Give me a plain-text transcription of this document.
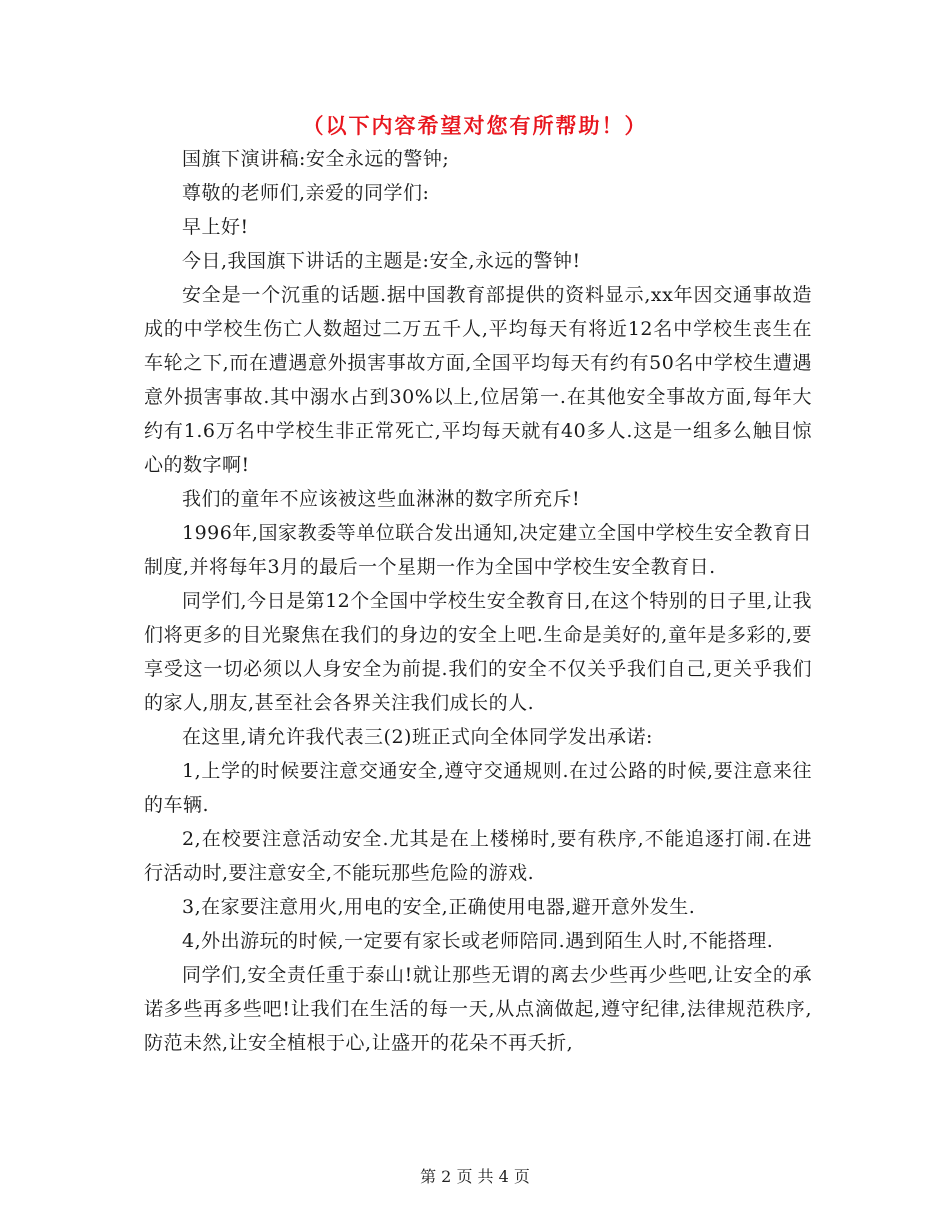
（以下内容希望对您有所帮助！）

国旗下演讲稿:安全永远的警钟;

尊敬的老师们,亲爱的同学们:

早上好!

今日,我国旗下讲话的主题是:安全,永远的警钟!

安全是一个沉重的话题.据中国教育部提供的资料显示,xx年因交通事故造成的中学校生伤亡人数超过二万五千人,平均每天有将近12名中学校生丧生在车轮之下,而在遭遇意外损害事故方面,全国平均每天有约有50名中学校生遭遇意外损害事故.其中溺水占到30%以上,位居第一.在其他安全事故方面,每年大约有1.6万名中学校生非正常死亡,平均每天就有40多人.这是一组多么触目惊心的数字啊!

我们的童年不应该被这些血淋淋的数字所充斥!

1996年,国家教委等单位联合发出通知,决定建立全国中学校生安全教育日制度,并将每年3月的最后一个星期一作为全国中学校生安全教育日.

同学们,今日是第12个全国中学校生安全教育日,在这个特别的日子里,让我们将更多的目光聚焦在我们的身边的安全上吧.生命是美好的,童年是多彩的,要享受这一切必须以人身安全为前提.我们的安全不仅关乎我们自己,更关乎我们的家人,朋友,甚至社会各界关注我们成长的人.

在这里,请允许我代表三(2)班正式向全体同学发出承诺:

1,上学的时候要注意交通安全,遵守交通规则.在过公路的时候,要注意来往的车辆.

2,在校要注意活动安全.尤其是在上楼梯时,要有秩序,不能追逐打闹.在进行活动时,要注意安全,不能玩那些危险的游戏.

3,在家要注意用火,用电的安全,正确使用电器,避开意外发生.

4,外出游玩的时候,一定要有家长或老师陪同.遇到陌生人时,不能搭理.

同学们,安全责任重于泰山!就让那些无谓的离去少些再少些吧,让安全的承诺多些再多些吧!让我们在生活的每一天,从点滴做起,遵守纪律,法律规范秩序,防范未然,让安全植根于心,让盛开的花朵不再夭折,

第 2 页 共 4 页
